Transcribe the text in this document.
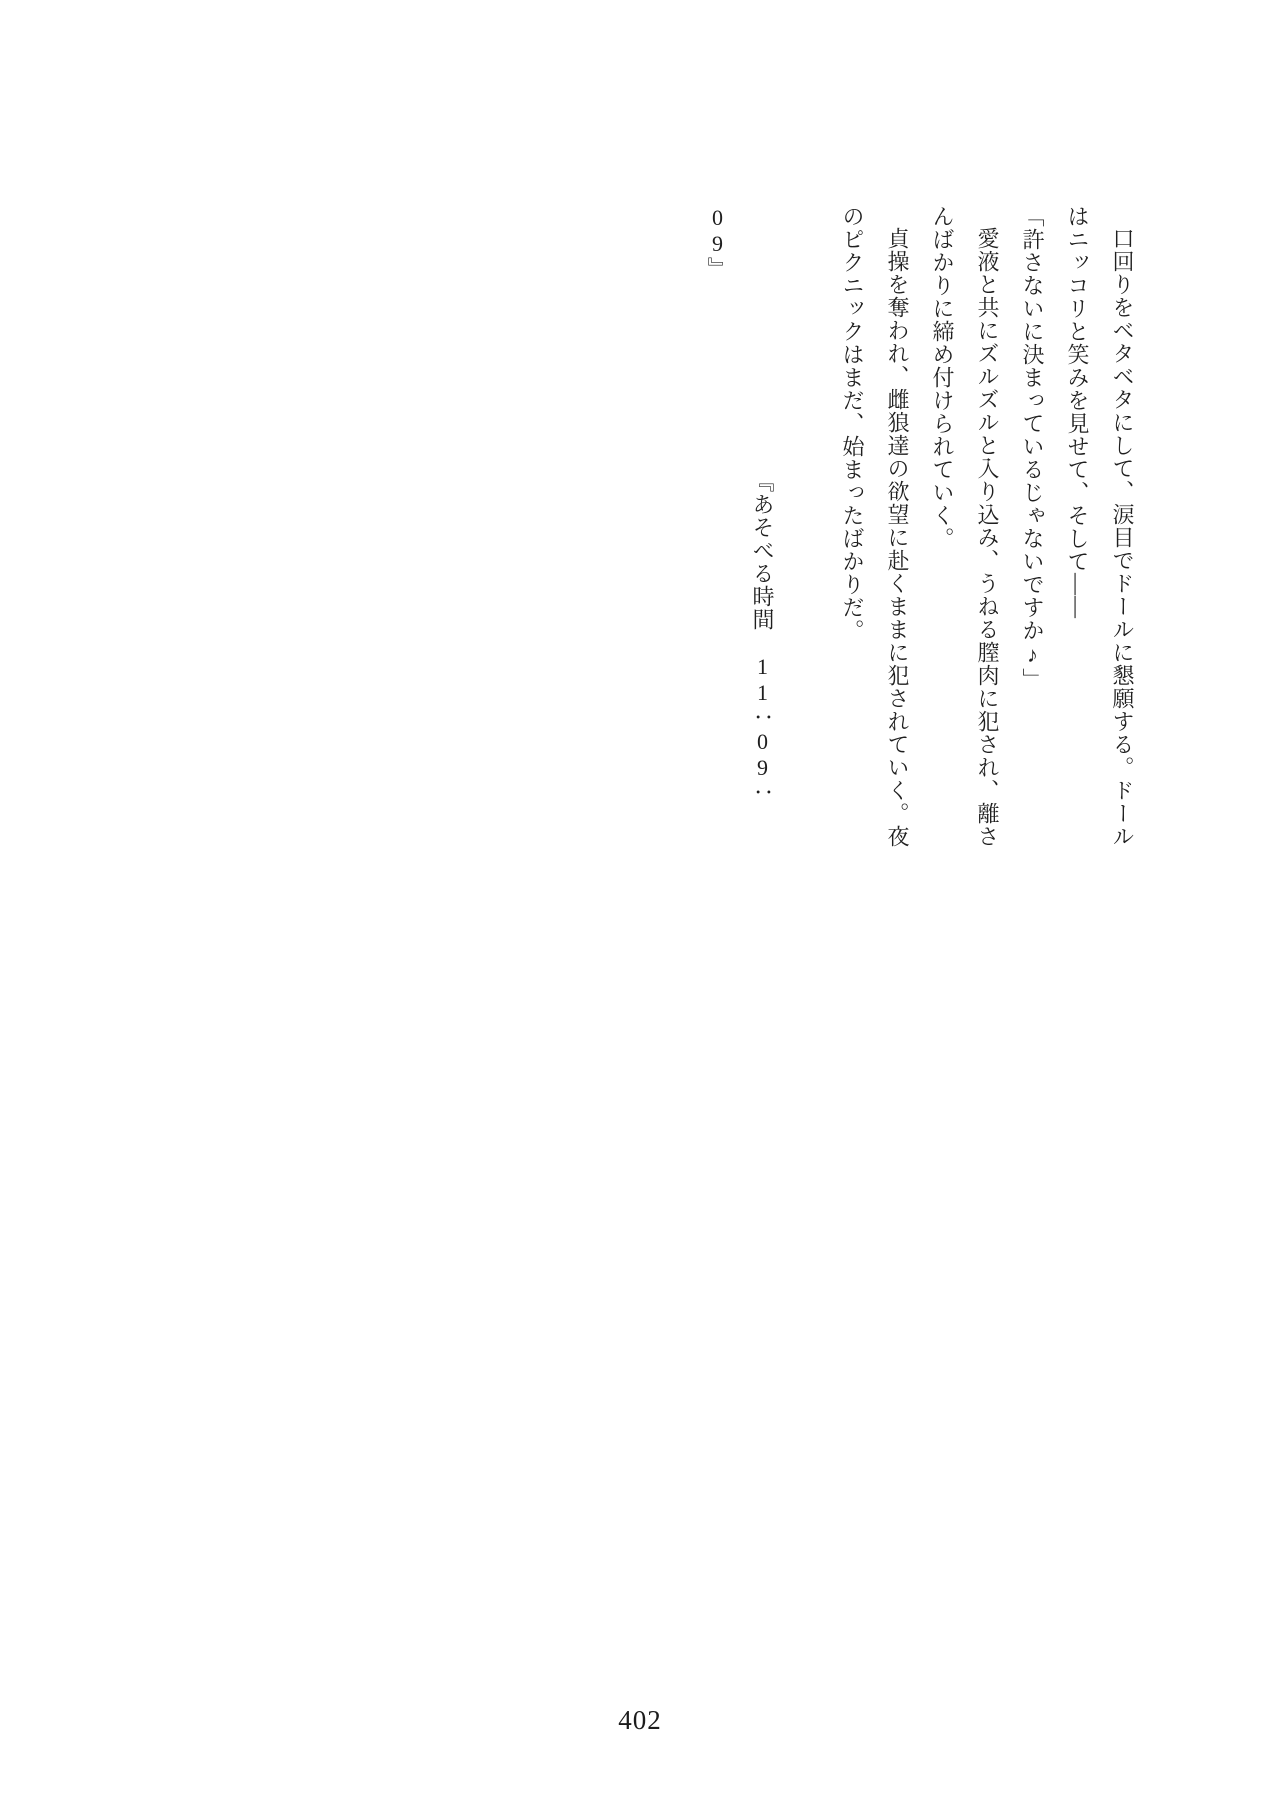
口回りをベタベタにして、涙目でドールに懇願する。ドールはニッコリと笑みを見せて、そして――

「許さないに決まっているじゃないですか♪」

愛液と共にズルズルと入り込み、うねる膣肉に犯され、離さんばかりに締め付けられていく。

貞操を奪われ、雌狼達の欲望に赴くままに犯されていく。夜のピクニックはまだ、始まったばかりだ。

『あそべる時間　11：09：09』

402
